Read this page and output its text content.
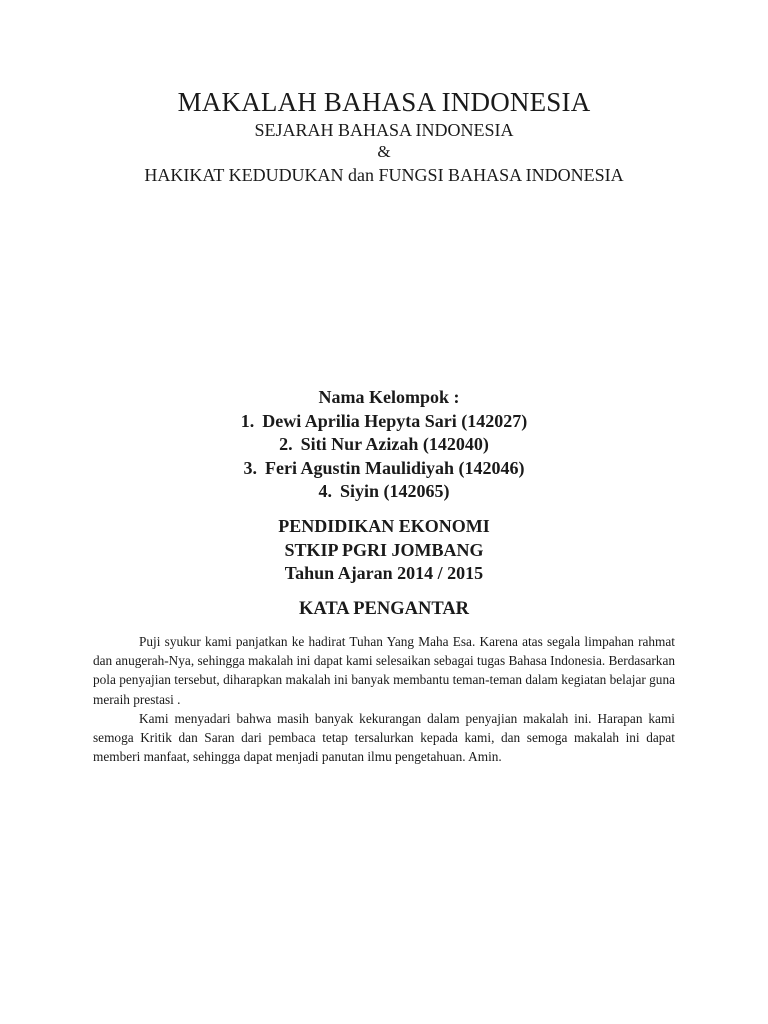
MAKALAH BAHASA INDONESIA
SEJARAH BAHASA INDONESIA
&
HAKIKAT KEDUDUKAN dan FUNGSI BAHASA INDONESIA
Nama Kelompok :
1. Dewi Aprilia Hepyta Sari (142027)
2. Siti Nur Azizah (142040)
3. Feri Agustin Maulidiyah (142046)
4. Siyin (142065)
PENDIDIKAN EKONOMI
STKIP PGRI JOMBANG
Tahun Ajaran 2014 / 2015
KATA PENGANTAR

Puji syukur kami panjatkan ke hadirat Tuhan Yang Maha Esa. Karena atas segala limpahan rahmat dan anugerah-Nya, sehingga makalah ini dapat kami selesaikan sebagai tugas Bahasa Indonesia. Berdasarkan pola penyajian tersebut, diharapkan makalah ini banyak membantu teman-teman dalam kegiatan belajar guna meraih prestasi .

Kami menyadari bahwa masih banyak kekurangan dalam penyajian makalah ini. Harapan kami semoga Kritik dan Saran dari pembaca tetap tersalurkan kepada kami, dan semoga makalah ini dapat memberi manfaat, sehingga dapat menjadi panutan ilmu pengetahuan. Amin.
